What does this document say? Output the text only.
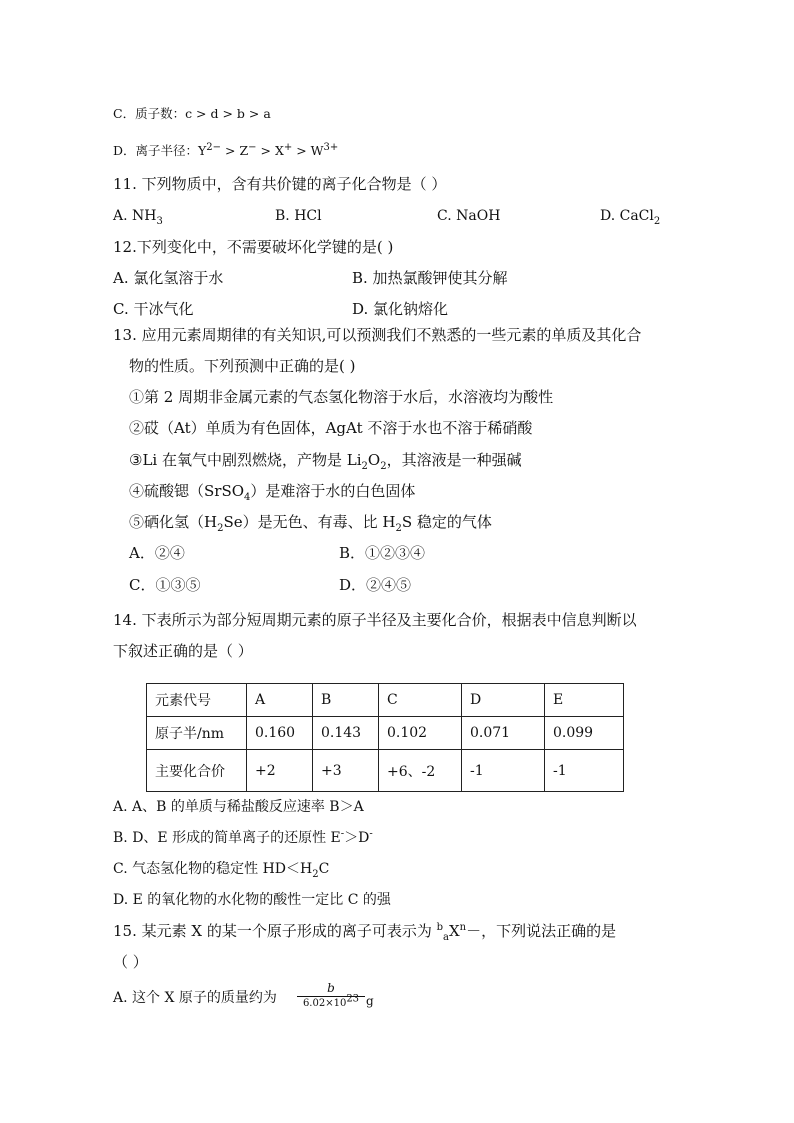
C．质子数：c > d > b > a
D．离子半径：$Y^{2-} > Z^- > X^+ > W^{3+}$
11. 下列物质中，含有共价键的离子化合物是（ ）
A. $NH_3$	B. HCl	C. NaOH	D. CaCl$_2$
12.下列变化中，不需要破坏化学键的是( )
A. 氯化氢溶于水	B. 加热氯酸钾使其分解
C. 干冰气化	D. 氯化钠熔化
13. 应用元素周期律的有关知识,可以预测我们不熟悉的一些元素的单质及其化合
物的性质。下列预测中正确的是( )
①第 2 周期非金属元素的气态氢化物溶于水后，水溶液均为酸性
②砹（At）单质为有色固体，AgAt 不溶于水也不溶于稀硝酸
③Li 在氧气中剧烈燃烧，产物是 $Li_2O_2$，其溶液是一种强碱
④硫酸锶（SrSO$_4$）是难溶于水的白色固体
⑤硒化氢$(H_2Se)$是无色、有毒、比 $H_2S$ 稳定的气体
A．②④	B．①②③④
C．①③⑤	D．②④⑤
14. 下表所示为部分短周期元素的原子半径及主要化合价，根据表中信息判断以
下叙述正确的是（ ）
元素代号	A	B	C	D	E
原子半/nm	0.160	0.143	0.102	0.071	0.099
主要化合价	+2	+3	+6、-2	-1	-1
A. A、B 的单质与稀盐酸反应速率 B＞A
B. D、E 形成的简单离子的还原性 E-＞D-
C. 气态氢化物的稳定性 $HD<H_2C$
D. E 的氧化物的水化物的酸性一定比 C 的强
15. 某元素 X 的某一个原子形成的离子可表示为 $^b_aX^n-$，下列说法正确的是
（ ）
A. 这个 X 原子的质量约为
b
$6.02\times 10^{23}$ g
